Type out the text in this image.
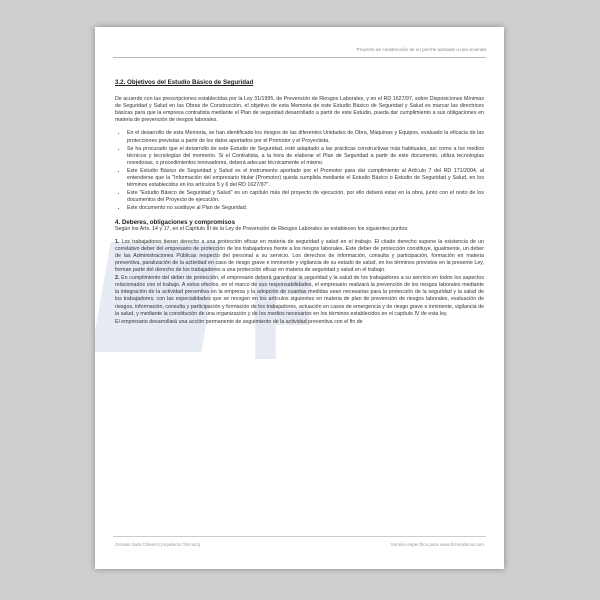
Proyecto de construcción de un porche adosado a una vivienda
F
3.2. Objetivos del Estudio Básico de Seguridad

De acuerdo con las prescripciones establecidas por la Ley 31/1995, de Prevención de Riesgos Laborales, y en el RD 1627/97, sobre Disposiciones Mínimas de Seguridad y Salud en las Obras de Construcción, el objetivo de esta Memoria de este Estudio Básico de Seguridad y Salud es marcar las directrices básicas para que la empresa contratista mediante el Plan de seguridad desarrollado a partir de este Estudio, pueda dar cumplimiento a sus obligaciones en materia de prevención de riesgos laborales.

• En el desarrollo de esta Memoria, se han identificado los riesgos de las diferentes Unidades de Obra, Máquinas y Equipos, evaluado la eficacia de las protecciones previstas a partir de los datos aportados por el Promotor y el Proyectista.
• Se ha procurado que el desarrollo de este Estudio de Seguridad, esté adaptado a las prácticas constructivas más habituales, así como a los medios técnicos y tecnologías del momento. Si el Contratista, a la hora de elaborar el Plan de Seguridad a partir de este documento, utiliza tecnologías novedosas, o procedimientos innovadores, deberá adecuar técnicamente el mismo.
• Este Estudio Básico de Seguridad y Salud es el instrumento aportado por el Promotor para dar cumplimiento al Artículo 7 del RD 171/2004, al entenderse que la "Información del empresario titular (Promotor) queda cumplida mediante el Estudio Básico o Estudio de Seguridad y Salud, en los términos establecidos en los artículos 5 y 6 del RD 1627/97".
• Este "Estudio Básico de Seguridad y Salud" es un capítulo más del proyecto de ejecución, por ello deberá estar en la obra, junto con el resto de los documentos del Proyecto de ejecución.
• Este documento no sustituye al Plan de Seguridad.
4. Deberes, obligaciones y compromisos

Según los Arts. 14 y 17, en el Capítulo III de la Ley de Prevención de Riesgos Laborales se establecen los siguientes puntos:

1. Los trabajadores tienen derecho a una protección eficaz en materia de seguridad y salud en el trabajo. El citado derecho supone la existencia de un correlativo deber del empresario de protección de los trabajadores frente a los riesgos laborales. Este deber de protección constituye, igualmente, un deber de las Administraciones Públicas respecto del personal a su servicio. Los derechos de información, consulta y participación, formación en materia preventiva, paralización de la actividad en caso de riesgo grave e inminente y vigilancia de su estado de salud, en los términos previstos en la presente Ley, forman parte del derecho de los trabajadores a una protección eficaz en materia de seguridad y salud en el trabajo.

2. En cumplimiento del deber de protección, el empresario deberá garantizar la seguridad y la salud de los trabajadores a su servicio en todos los aspectos relacionados con el trabajo. A estos efectos, en el marco de sus responsabilidades, el empresario realizará la prevención de los riesgos laborales mediante la integración de la actividad preventiva en la empresa y la adopción de cuantas medidas sean necesarias para la protección de la seguridad y la salud de los trabajadores, con las especialidades que se recogen en los artículos siguientes en materia de plan de prevención de riesgos laborales, evaluación de riesgos, información, consulta y participación y formación de los trabajadores, actuación en casos de emergencia y de riesgo grave e inminente, vigilancia de la salud, y mediante la constitución de una organización y de los medios necesarios en los términos establecidos en el capítulo IV de esta ley.

El empresario desarrollará una acción permanente de seguimiento de la actividad preventiva con el fin de

Octavio Sala Climent (Arquitecto Técnico)	Versión específica para www.fichendecia.com
